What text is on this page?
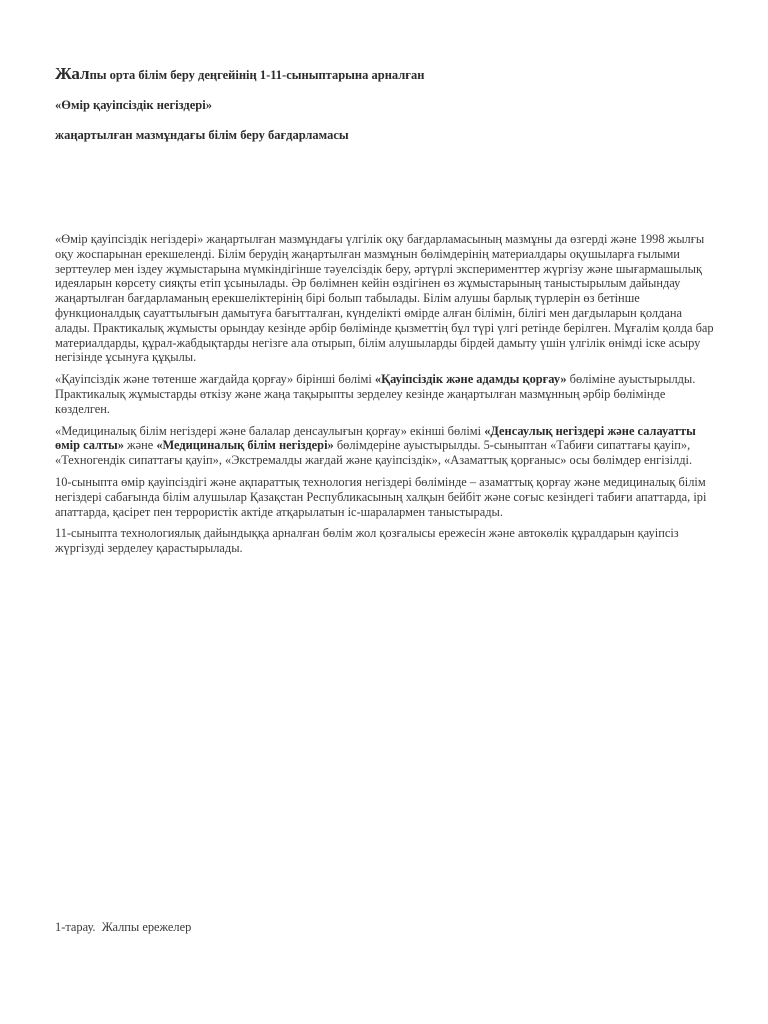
Жалпы орта білім беру деңгейінің 1-11-сыныптарына арналған

«Өмір қауіпсіздік негіздері»

жаңартылған мазмұндағы білім беру бағдарламасы

«Өмір қауіпсіздік негіздері» жаңартылған мазмұндағы үлгілік оқу бағдарламасының мазмұны да өзгерді және 1998 жылғы оқу жоспарынан ерекшеленді. Білім берудің жаңартылған мазмұнын бөлімдерінің материалдары оқушыларға ғылыми зерттеулер мен іздеу жұмыстарына мүмкіндігінше тәуелсіздік беру, әртүрлі эксперименттер жүргізу және шығармашылық идеяларын көрсету сияқты етіп ұсынылады. Әр бөлімнен кейін өздігінен өз жұмыстарының таныстырылым дайындау жаңартылған бағдарламаның ерекшеліктерінің бірі болып табылады. Білім алушы барлық түрлерін өз бетінше функционалдық сауаттылығын дамытуға бағытталған, күнделікті өмірде алған білімін, білігі мен дағдыларын қолдана алады. Практикалық жұмысты орындау кезінде әрбір бөлімінде қызметтің бұл түрі үлгі ретінде берілген. Мұғалім қолда бар материалдарды, құрал-жабдықтарды негізге ала отырып, білім алушыларды бірдей дамыту үшін үлгілік өнімді іске асыру негізінде ұсынуға құқылы.

«Қауіпсіздік және төтенше жағдайда қорғау» бірінші бөлімі «Қауіпсіздік және адамды қорғау» бөліміне ауыстырылды. Практикалық жұмыстарды өткізу және жаңа тақырыпты зерделеу кезінде жаңартылған мазмұнның әрбір бөлімінде көзделген.

«Медициналық білім негіздері және балалар денсаулығын қорғау» екінші бөлімі «Денсаулық негіздері және салауатты өмір салты» және «Медициналық білім негіздері» бөлімдеріне ауыстырылды. 5-сыныптан «Табиғи сипаттағы қауіп», «Техногендік сипаттағы қауіп», «Экстремалды жағдай және қауіпсіздік», «Азаматтық қорғаныс» осы бөлімдер енгізілді.

10-сыныпта өмір қауіпсіздігі және ақпараттық технология негіздері бөлімінде – азаматтық қорғау және медициналық білім негіздері сабағында білім алушылар Қазақстан Республикасының халқын бейбіт және соғыс кезіндегі табиғи апаттарда, ірі апаттарда, қасірет пен террористік актіде атқарылатын іс-шаралармен таныстырады.

11-сыныпта технологиялық дайындыққа арналған бөлім жол қозғалысы ережесін және автокөлік құралдарын қауіпсіз жүргізуді зерделеу қарастырылады.

1-тарау.  Жалпы ережелер
